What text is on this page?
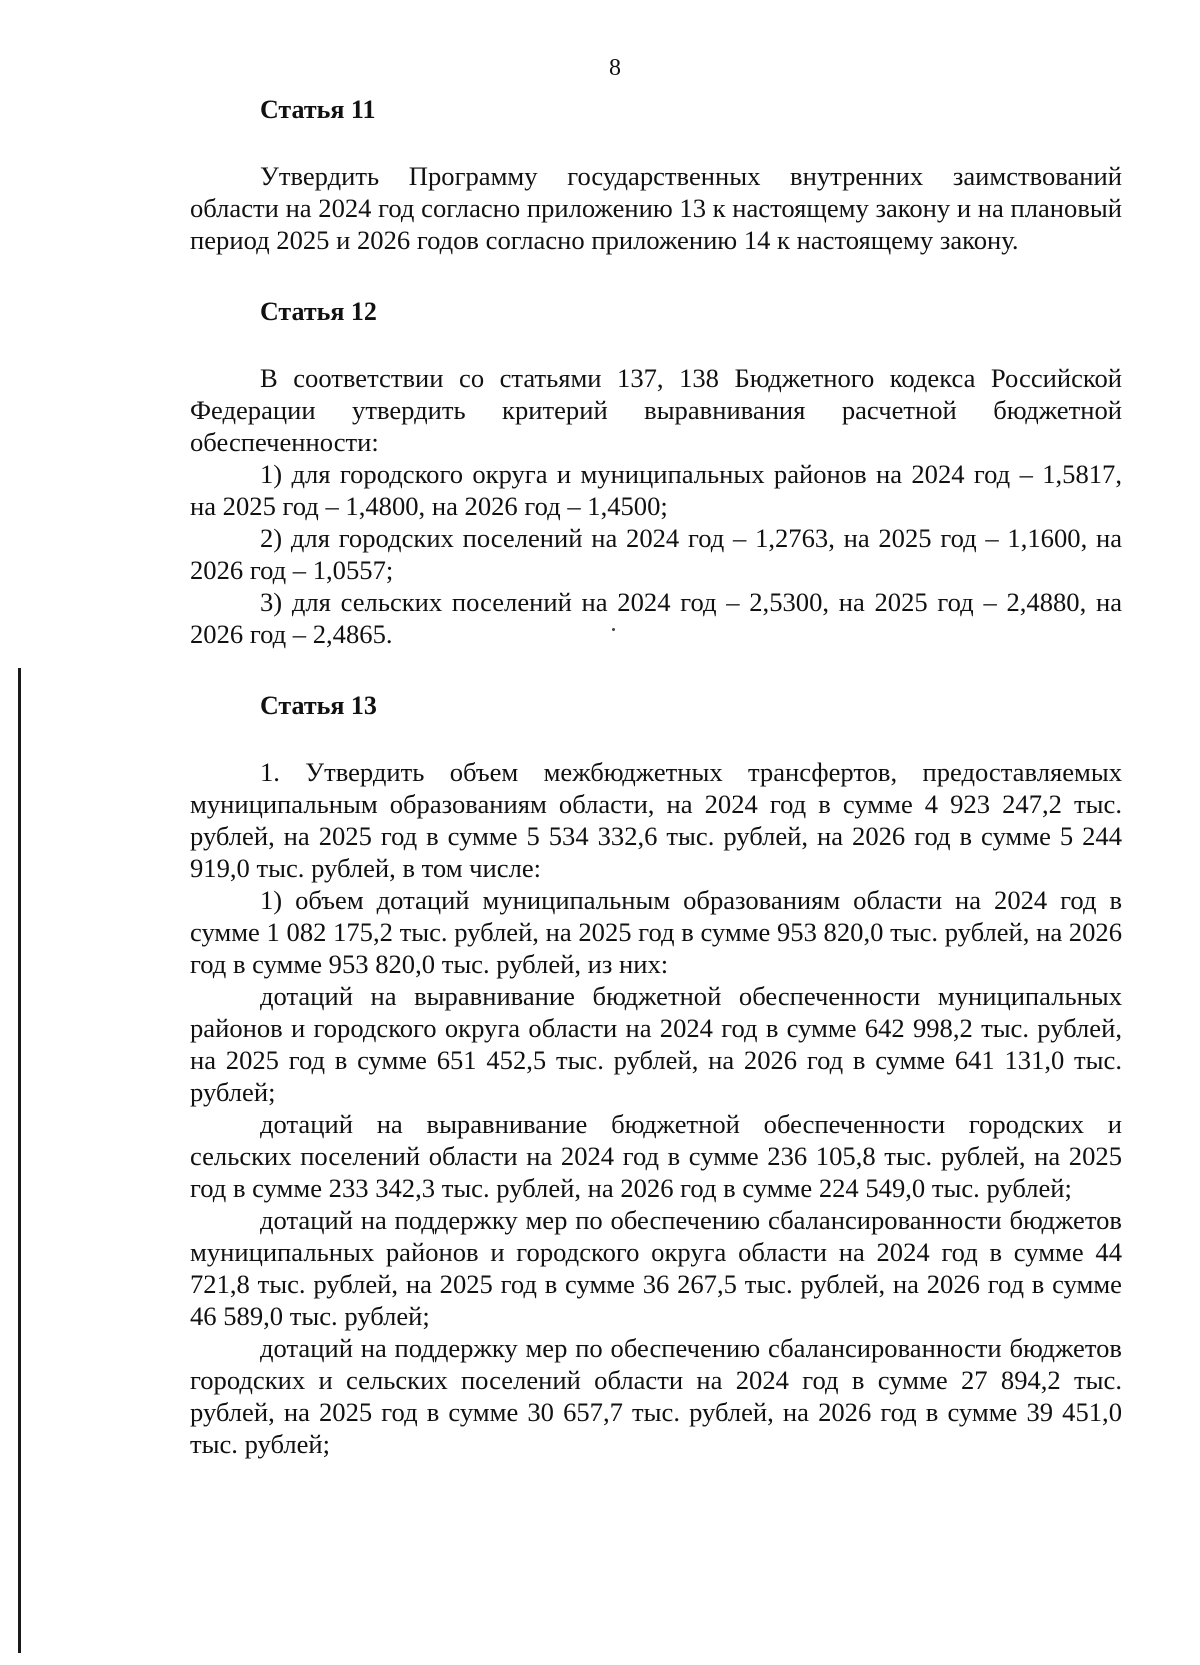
8
Статья 11

Утвердить Программу государственных внутренних заимствований области на 2024 год согласно приложению 13 к настоящему закону и на плановый период 2025 и 2026 годов согласно приложению 14 к настоящему закону.

Статья 12

В соответствии со статьями 137, 138 Бюджетного кодекса Российской Федерации утвердить критерий выравнивания расчетной бюджетной обеспеченности:

1) для городского округа и муниципальных районов на 2024 год – 1,5817, на 2025 год – 1,4800, на 2026 год – 1,4500;

2) для городских поселений на 2024 год – 1,2763, на 2025 год – 1,1600, на 2026 год – 1,0557;

3) для сельских поселений на 2024 год – 2,5300, на 2025 год – 2,4880, на 2026 год – 2,4865.

Статья 13

1. Утвердить объем межбюджетных трансфертов, предоставляемых муниципальным образованиям области, на 2024 год в сумме 4 923 247,2 тыс. рублей, на 2025 год в сумме 5 534 332,6 тыс. рублей, на 2026 год в сумме 5 244 919,0 тыс. рублей, в том числе:

1) объем дотаций муниципальным образованиям области на 2024 год в сумме 1 082 175,2 тыс. рублей, на 2025 год в сумме 953 820,0 тыс. рублей, на 2026 год в сумме 953 820,0 тыс. рублей, из них:

дотаций на выравнивание бюджетной обеспеченности муниципальных районов и городского округа области на 2024 год в сумме 642 998,2 тыс. рублей, на 2025 год в сумме 651 452,5 тыс. рублей, на 2026 год в сумме 641 131,0 тыс. рублей;

дотаций на выравнивание бюджетной обеспеченности городских и сельских поселений области на 2024 год в сумме 236 105,8 тыс. рублей, на 2025 год в сумме 233 342,3 тыс. рублей, на 2026 год в сумме 224 549,0 тыс. рублей;

дотаций на поддержку мер по обеспечению сбалансированности бюджетов муниципальных районов и городского округа области на 2024 год в сумме 44 721,8 тыс. рублей, на 2025 год в сумме 36 267,5 тыс. рублей, на 2026 год в сумме 46 589,0 тыс. рублей;

дотаций на поддержку мер по обеспечению сбалансированности бюджетов городских и сельских поселений области на 2024 год в сумме 27 894,2 тыс. рублей, на 2025 год в сумме 30 657,7 тыс. рублей, на 2026 год в сумме 39 451,0 тыс. рублей;
